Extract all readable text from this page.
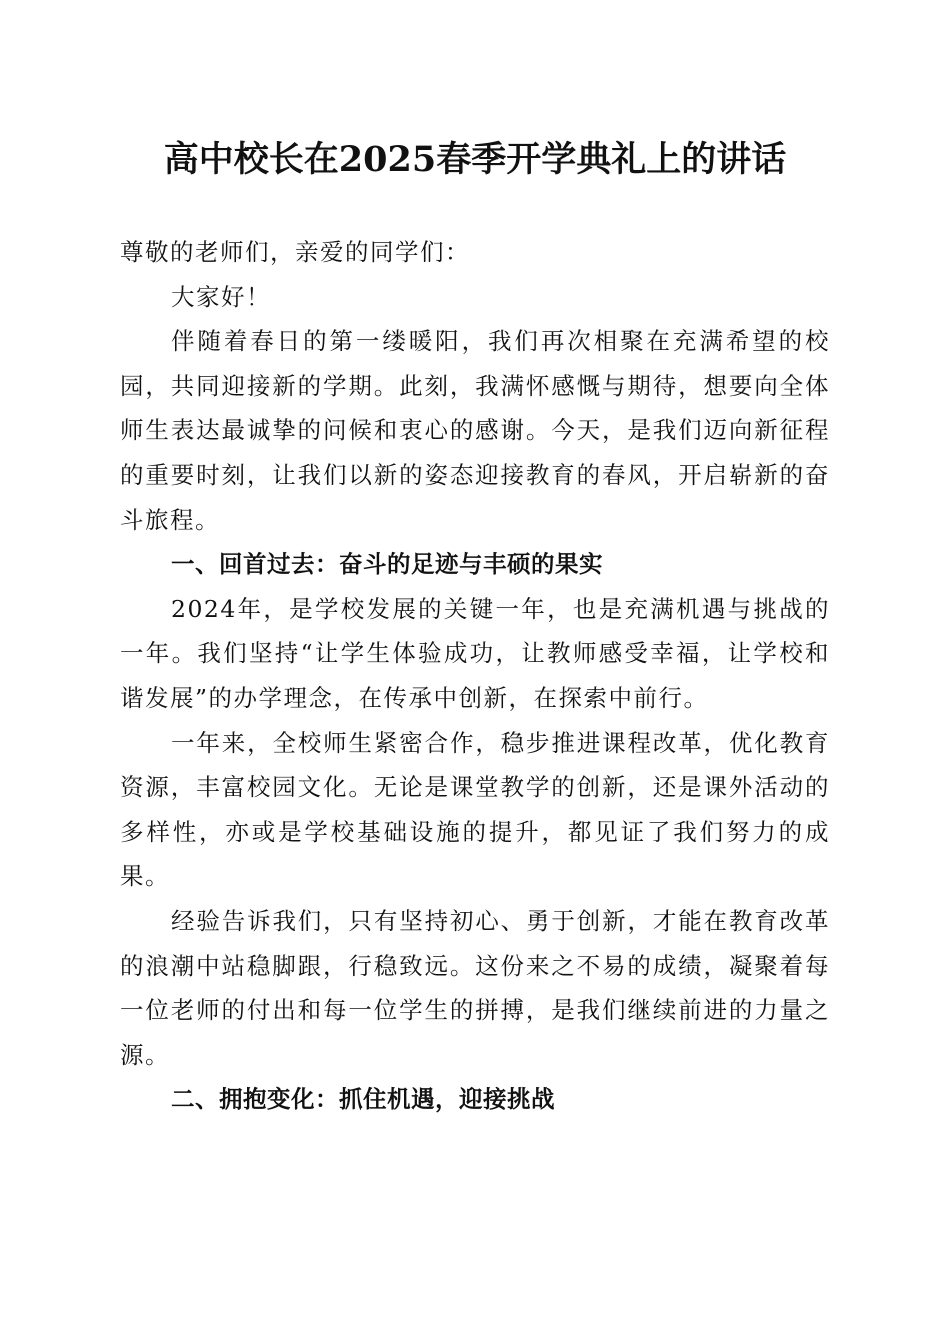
高中校长在2025春季开学典礼上的讲话

尊敬的老师们，亲爱的同学们：

大家好！

伴随着春日的第一缕暖阳，我们再次相聚在充满希望的校园，共同迎接新的学期。此刻，我满怀感慨与期待，想要向全体师生表达最诚挚的问候和衷心的感谢。今天，是我们迈向新征程的重要时刻，让我们以新的姿态迎接教育的春风，开启崭新的奋斗旅程。

一、回首过去：奋斗的足迹与丰硕的果实

2024年，是学校发展的关键一年，也是充满机遇与挑战的一年。我们坚持“让学生体验成功，让教师感受幸福，让学校和谐发展”的办学理念，在传承中创新，在探索中前行。

一年来，全校师生紧密合作，稳步推进课程改革，优化教育资源，丰富校园文化。无论是课堂教学的创新，还是课外活动的多样性，亦或是学校基础设施的提升，都见证了我们努力的成果。

经验告诉我们，只有坚持初心、勇于创新，才能在教育改革的浪潮中站稳脚跟，行稳致远。这份来之不易的成绩，凝聚着每一位老师的付出和每一位学生的拼搏，是我们继续前进的力量之源。

二、拥抱变化：抓住机遇，迎接挑战
